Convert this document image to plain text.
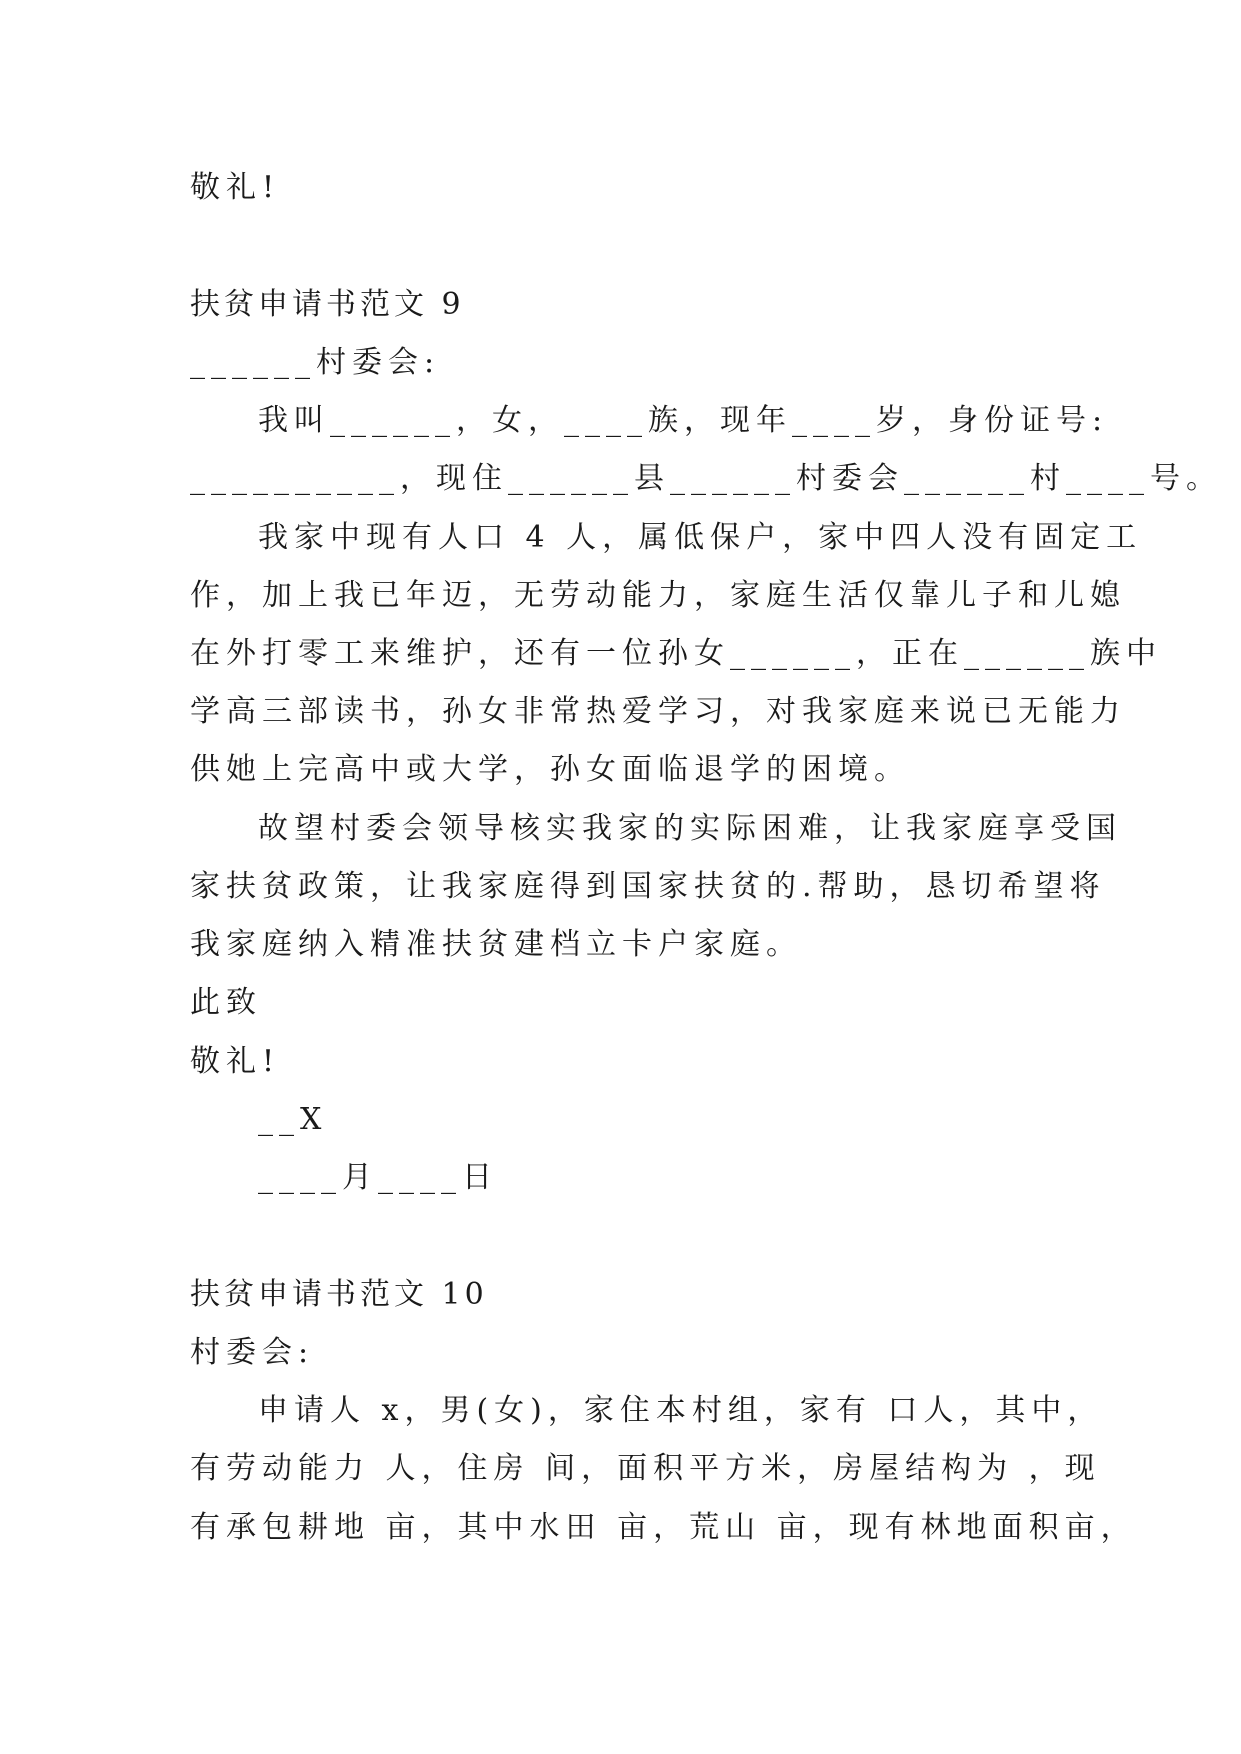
敬礼!
扶贫申请书范文 9
______村委会:
我叫______，女，____族，现年____岁，身份证号:
__________，现住______县______村委会______村____号。
我家中现有人口 4 人，属低保户，家中四人没有固定工
作，加上我已年迈，无劳动能力，家庭生活仅靠儿子和儿媳
在外打零工来维护，还有一位孙女______，正在______族中
学高三部读书，孙女非常热爱学习，对我家庭来说已无能力
供她上完高中或大学，孙女面临退学的困境。
故望村委会领导核实我家的实际困难，让我家庭享受国
家扶贫政策，让我家庭得到国家扶贫的.帮助，恳切希望将
我家庭纳入精准扶贫建档立卡户家庭。
此致
敬礼!
__X
____月____日
扶贫申请书范文 10
村委会:
申请人 x，男(女)，家住本村组，家有 口人，其中，
有劳动能力 人，住房 间，面积平方米，房屋结构为 ，现
有承包耕地 亩，其中水田 亩，荒山 亩，现有林地面积亩，
